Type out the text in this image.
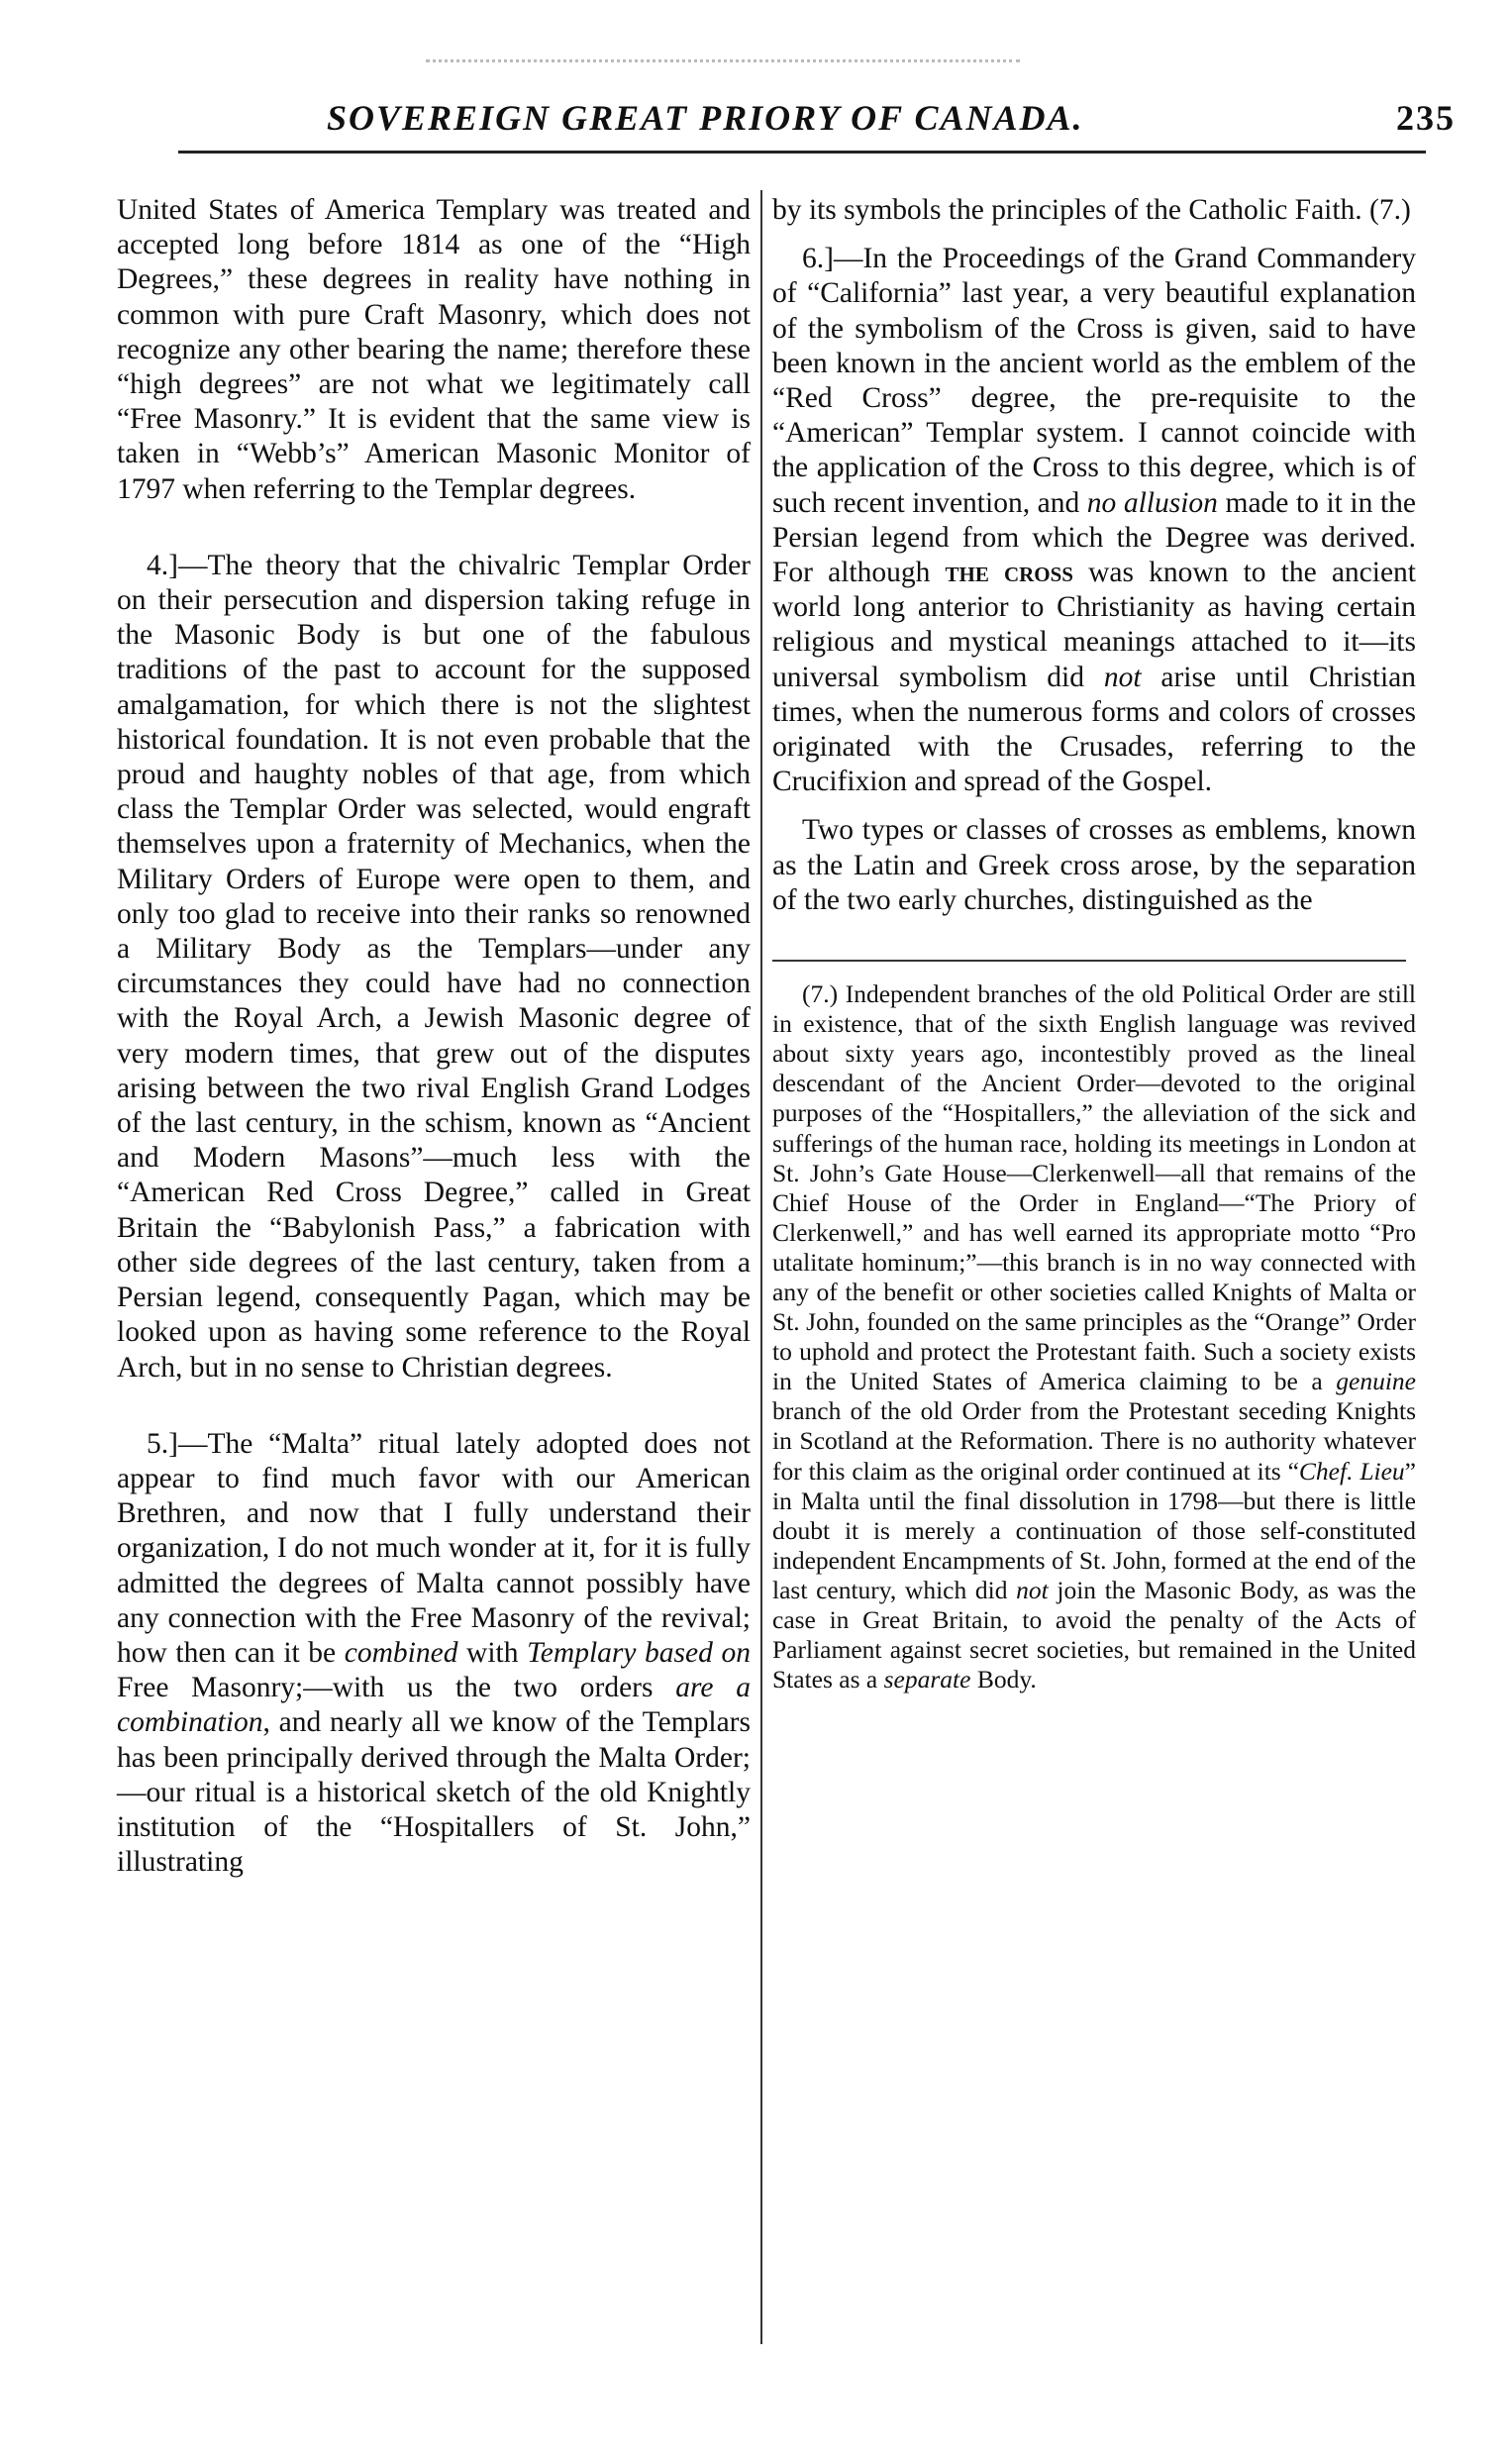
SOVEREIGN GREAT PRIORY OF CANADA.	235

United States of America Templary was treated and accepted long before 1814 as one of the “High Degrees,” these degrees in reality have nothing in common with pure Craft Masonry, which does not recognize any other bearing the name; therefore these “high degrees” are not what we legitimately call “Free Masonry.” It is evident that the same view is taken in “Webb’s” American Masonic Monitor of 1797 when referring to the Templar degrees.

4.]—The theory that the chivalric Templar Order on their persecution and dispersion taking refuge in the Masonic Body is but one of the fabulous traditions of the past to account for the supposed amalgamation, for which there is not the slightest historical foundation. It is not even probable that the proud and haughty nobles of that age, from which class the Templar Order was selected, would engraft themselves upon a fraternity of Mechanics, when the Military Orders of Europe were open to them, and only too glad to receive into their ranks so renowned a Military Body as the Templars—under any circumstances they could have had no connection with the Royal Arch, a Jewish Masonic degree of very modern times, that grew out of the disputes arising between the two rival English Grand Lodges of the last century, in the schism, known as “Ancient and Modern Masons”—much less with the “American Red Cross Degree,” called in Great Britain the “Babylonish Pass,” a fabrication with other side degrees of the last century, taken from a Persian legend, consequently Pagan, which may be looked upon as having some reference to the Royal Arch, but in no sense to Christian degrees.

5.]—The “Malta” ritual lately adopted does not appear to find much favor with our American Brethren, and now that I fully understand their organization, I do not much wonder at it, for it is fully admitted the degrees of Malta cannot possibly have any connection with the Free Masonry of the revival; how then can it be combined with Templary based on Free Masonry;—with us the two orders are a combination, and nearly all we know of the Templars has been principally derived through the Malta Order;—our ritual is a historical sketch of the old Knightly institution of the “Hospitallers of St. John,” illustrating

by its symbols the principles of the Catholic Faith. (7.)

6.]—In the Proceedings of the Grand Commandery of “California” last year, a very beautiful explanation of the symbolism of the Cross is given, said to have been known in the ancient world as the emblem of the “Red Cross” degree, the pre-requisite to the “American” Templar system. I cannot coincide with the application of the Cross to this degree, which is of such recent invention, and no allusion made to it in the Persian legend from which the Degree was derived. For although the cross was known to the ancient world long anterior to Christianity as having certain religious and mystical meanings attached to it—its universal symbolism did not arise until Christian times, when the numerous forms and colors of crosses originated with the Crusades, referring to the Crucifixion and spread of the Gospel.

Two types or classes of crosses as emblems, known as the Latin and Greek cross arose, by the separation of the two early churches, distinguished as the

(7.) Independent branches of the old Political Order are still in existence, that of the sixth English language was revived about sixty years ago, incontestibly proved as the lineal descendant of the Ancient Order—devoted to the original purposes of the “Hospitallers,” the alleviation of the sick and sufferings of the human race, holding its meetings in London at St. John’s Gate House—Clerkenwell—all that remains of the Chief House of the Order in England—“The Priory of Clerkenwell,” and has well earned its appropriate motto “Pro utalitate hominum;”—this branch is in no way connected with any of the benefit or other societies called Knights of Malta or St. John, founded on the same principles as the “Orange” Order to uphold and protect the Protestant faith. Such a society exists in the United States of America claiming to be a genuine branch of the old Order from the Protestant seceding Knights in Scotland at the Reformation. There is no authority whatever for this claim as the original order continued at its “Chef. Lieu” in Malta until the final dissolution in 1798—but there is little doubt it is merely a continuation of those self-constituted independent Encampments of St. John, formed at the end of the last century, which did not join the Masonic Body, as was the case in Great Britain, to avoid the penalty of the Acts of Parliament against secret societies, but remained in the United States as a separate Body.
